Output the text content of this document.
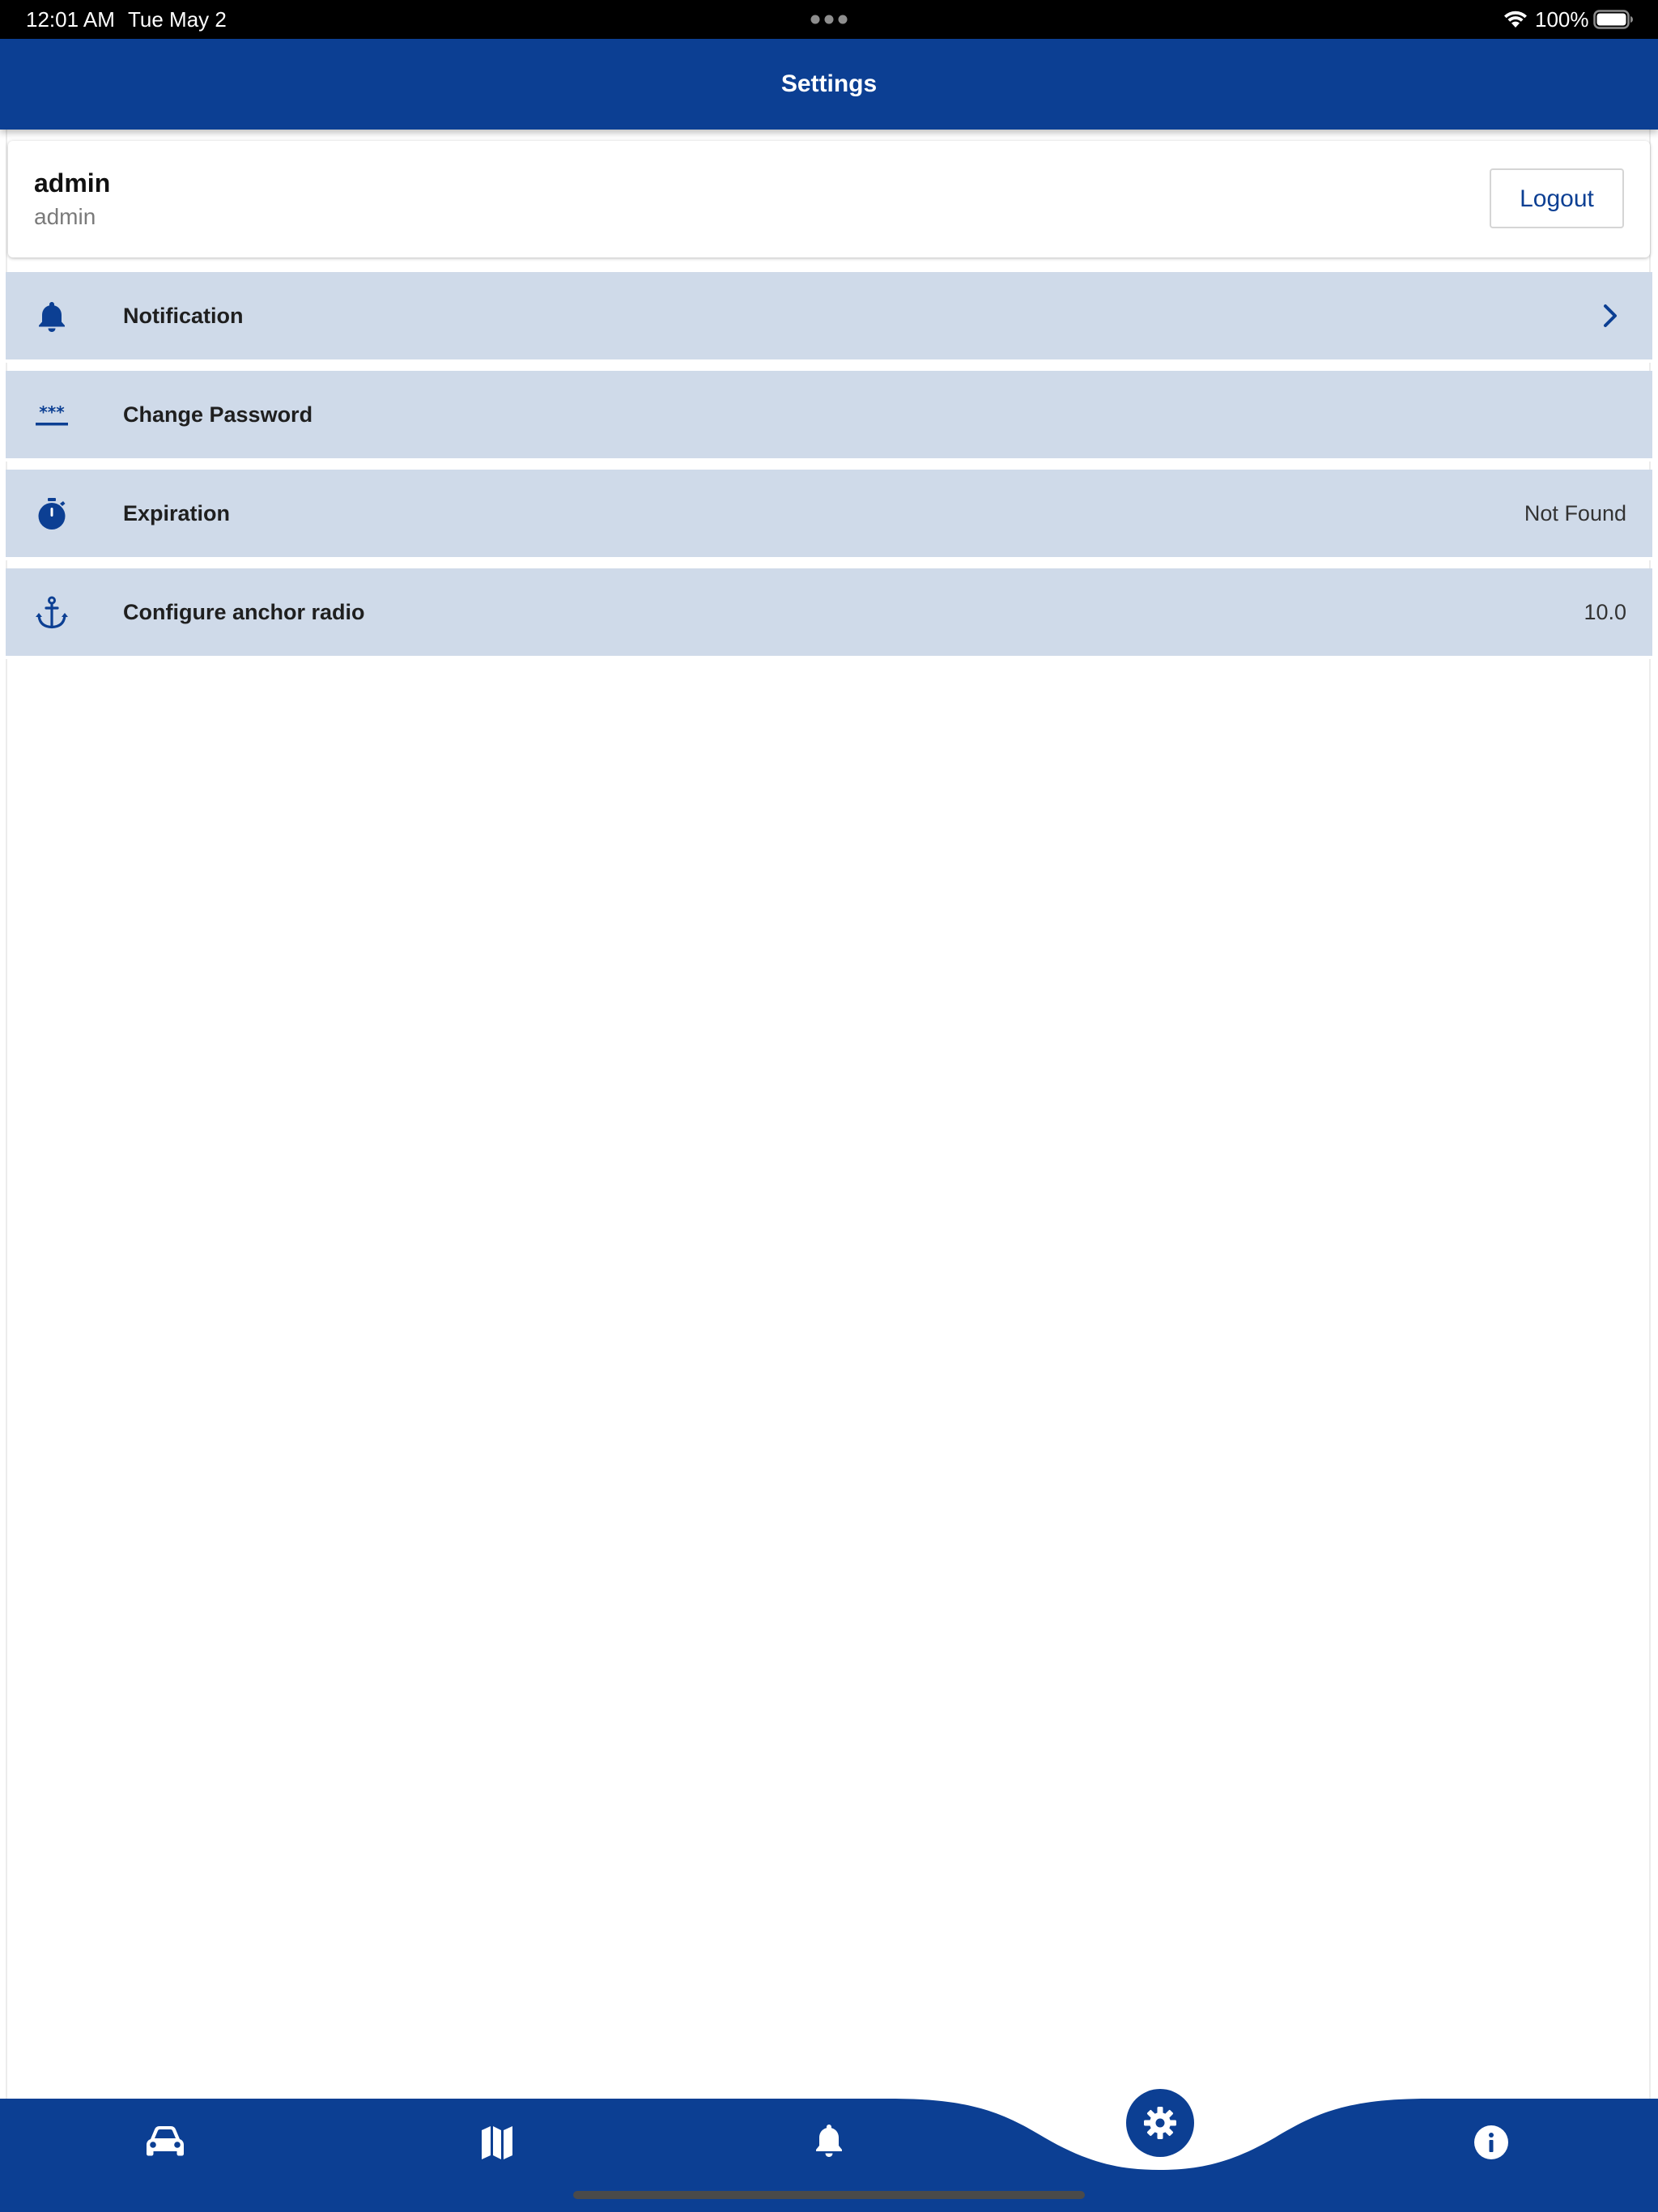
12:01 AM Tue May 2	100%
Settings
admin
admin
Logout
Notification
***	Change Password
Expiration	Not Found
Configure anchor radio	10.0
